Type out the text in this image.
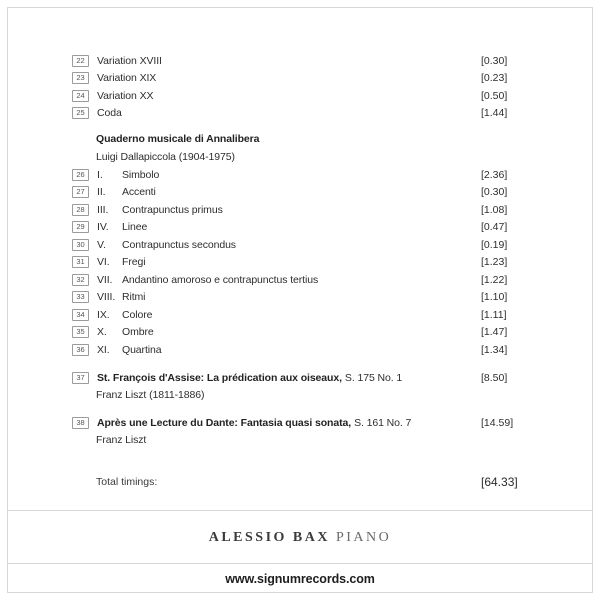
22	Variation XVIII	[0.30]
23	Variation XIX	[0.23]
24	Variation XX	[0.50]
25	Coda	[1.44]
Quaderno musicale di Annalibera
Luigi Dallapiccola (1904-1975)
26	I.	Simbolo	[2.36]
27	II.	Accenti	[0.30]
28	III.	Contrapunctus primus	[1.08]
29	IV.	Linee	[0.47]
30	V.	Contrapunctus secondus	[0.19]
31	VI.	Fregi	[1.23]
32	VII. Andantino amoroso e contrapunctus tertius	[1.22]
33	VIII. Ritmi	[1.10]
34	IX.	Colore	[1.11]
35	X.	Ombre	[1.47]
36	XI.	Quartina	[1.34]
37	St. François d'Assise: La prédication aux oiseaux, S. 175 No. 1	[8.50]
Franz Liszt (1811-1886)
38	Après une Lecture du Dante: Fantasia quasi sonata, S. 161 No. 7	[14.59]
Franz Liszt
Total timings:	[64.33]
ALESSIO BAX PIANO
www.signumrecords.com
